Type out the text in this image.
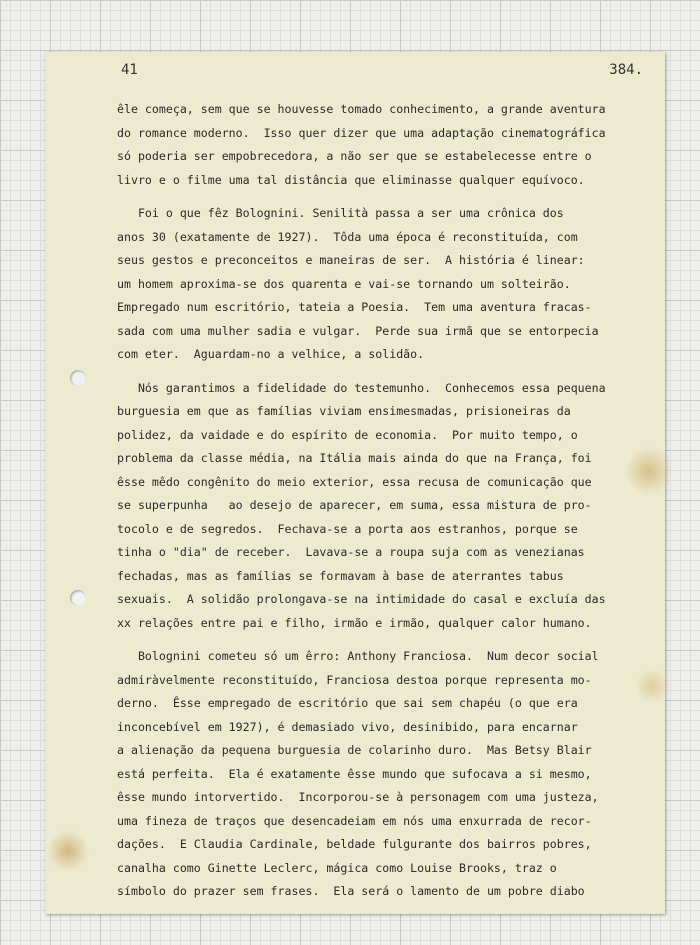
41	384.
êle começa, sem que se houvesse tomado conhecimento, a grande aventura
do romance moderno.  Isso quer dizer que uma adaptação cinematográfica
só poderia ser empobrecedora, a não ser que se estabelecesse entre o
livro e o filme uma tal distância que eliminasse qualquer equívoco.
Foi o que fêz Bolognini. Senilità passa a ser uma crônica dos
anos 30 (exatamente de 1927).  Tôda uma época é reconstituída, com
seus gestos e preconceitos e maneiras de ser.  A história é linear:
um homem aproxima-se dos quarenta e vai-se tornando um solteirão.
Empregado num escritório, tateia a Poesia.  Tem uma aventura fracas-
sada com uma mulher sadia e vulgar.  Perde sua irmã que se entorpecia
com eter.  Aguardam-no a velhice, a solidão.
Nós garantimos a fidelidade do testemunho.  Conhecemos essa pequena
burguesia em que as famílias viviam ensimesmadas, prisioneiras da
polidez, da vaidade e do espírito de economia.  Por muito tempo, o
problema da classe média, na Itália mais ainda do que na França, foi
êsse mêdo congênito do meio exterior, essa recusa de comunicação que
se superpunha   ao desejo de aparecer, em suma, essa mistura de pro-
tocolo e de segredos.  Fechava-se a porta aos estranhos, porque se
tinha o "dia" de receber.  Lavava-se a roupa suja com as venezianas
fechadas, mas as famílias se formavam à base de aterrantes tabus
sexuais.  A solidão prolongava-se na intimidade do casal e excluía das
xx relações entre pai e filho, irmão e irmão, qualquer calor humano.
Bolognini cometeu só um êrro: Anthony Franciosa.  Num decor social
admiràvelmente reconstituído, Franciosa destoa porque representa mo-
derno.  Êsse empregado de escritório que sai sem chapéu (o que era
inconcebível em 1927), é demasiado vivo, desinibido, para encarnar
a alienação da pequena burguesia de colarinho duro.  Mas Betsy Blair
está perfeita.  Ela é exatamente êsse mundo que sufocava a si mesmo,
êsse mundo intorvertido.  Incorporou-se à personagem com uma justeza,
uma fineza de traços que desencadeiam em nós uma enxurrada de recor-
dações.  E Claudia Cardinale, beldade fulgurante dos bairros pobres,
canalha como Ginette Leclerc, mágica como Louise Brooks, traz o
símbolo do prazer sem frases.  Ela será o lamento de um pobre diabo
